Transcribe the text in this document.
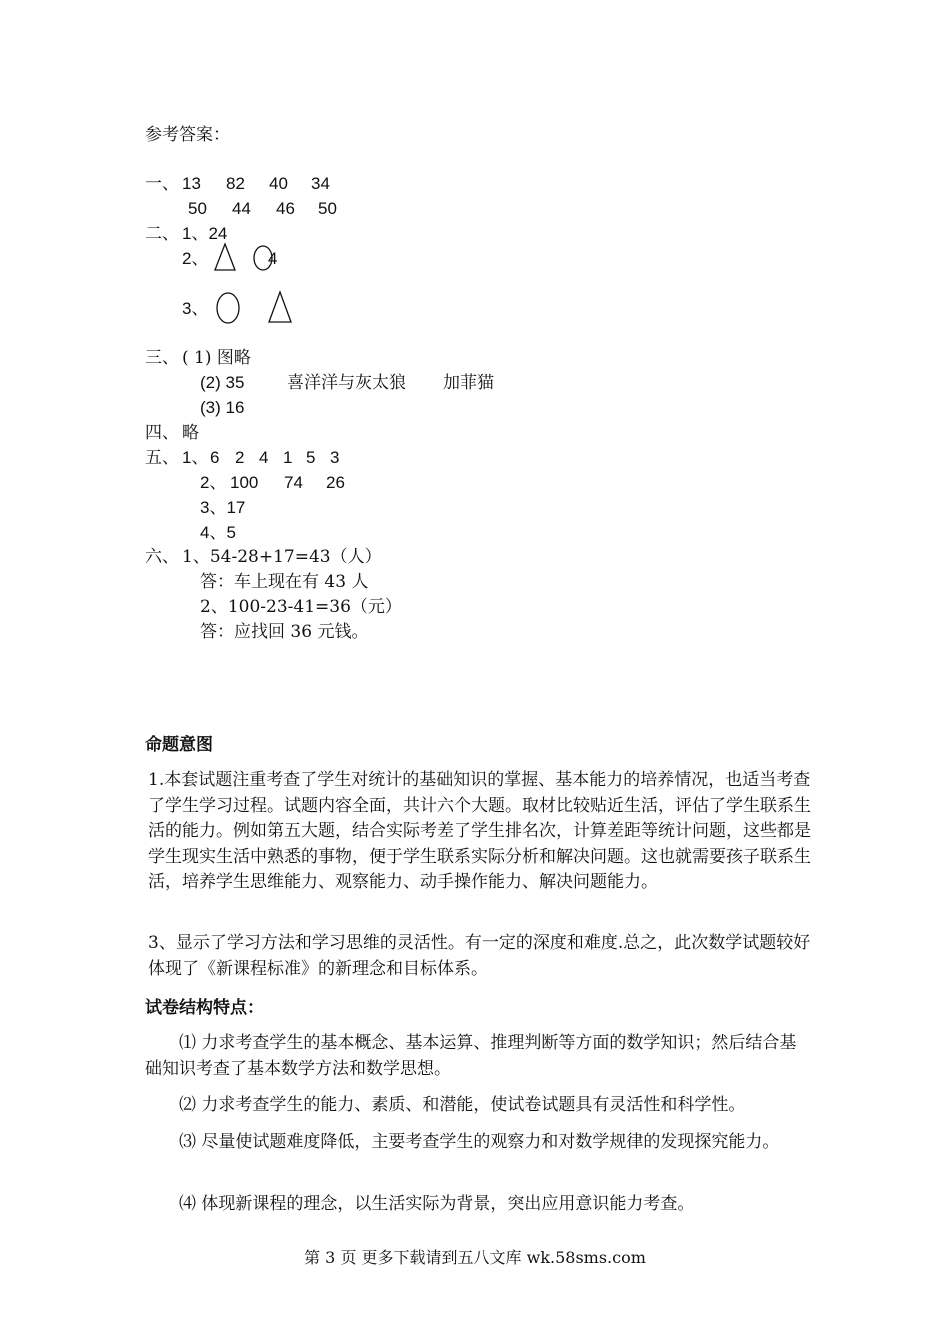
参考答案：
一、 13 82 40 34
50 44 46 50
二、 1、24
2、	4
3、
三、 ( 1) 图略
(2) 35	喜洋洋与灰太狼 加菲猫
(3) 16
四、 略
五、 1、 6 2 4 1 5 3
2、 100 74 26
3、17
4、5
六、 1、54-28+17=43（人）
答：车上现在有 43 人
2、100-23-41=36（元）
答：应找回 36 元钱。
命题意图
1.本套试题注重考查了学生对统计的基础知识的掌握、基本能力的培养情况，也适当考查了学生学习过程。试题内容全面，共计六个大题。取材比较贴近生活，评估了学生联系生活的能力。例如第五大题，结合实际考差了学生排名次，计算差距等统计问题，这些都是学生现实生活中熟悉的事物，便于学生联系实际分析和解决问题。这也就需要孩子联系生活，培养学生思维能力、观察能力、动手操作能力、解决问题能力。
3、显示了学习方法和学习思维的灵活性。有一定的深度和难度.总之，此次数学试题较好体现了《新课程标准》的新理念和目标体系。
试卷结构特点：
⑴ 力求考查学生的基本概念、基本运算、推理判断等方面的数学知识；然后结合基础知识考查了基本数学方法和数学思想。
⑵ 力求考查学生的能力、素质、和潜能，使试卷试题具有灵活性和科学性。
⑶ 尽量使试题难度降低，主要考查学生的观察力和对数学规律的发现探究能力。
⑷ 体现新课程的理念，以生活实际为背景，突出应用意识能力考查。
第 3 页 更多下载请到五八文库 wk.58sms.com
